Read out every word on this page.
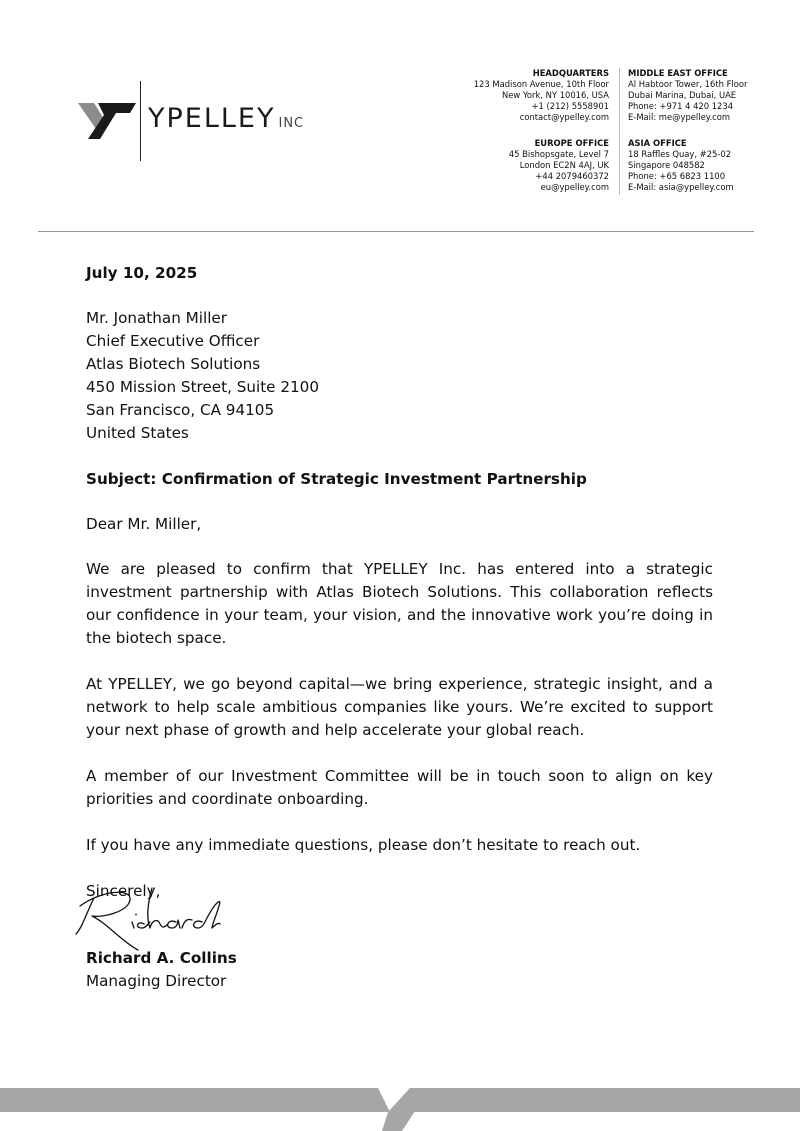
YPELLEY INC
HEADQUARTERS
123 Madison Avenue, 10th Floor
New York, NY 10016, USA
+1 (212) 5558901
contact@ypelley.com
EUROPE OFFICE
45 Bishopsgate, Level 7
London EC2N 4AJ, UK
+44 2079460372
eu@ypelley.com
MIDDLE EAST OFFICE
Al Habtoor Tower, 16th Floor
Dubai Marina, Dubai, UAE
Phone: +971 4 420 1234
E-Mail: me@ypelley.com
ASIA OFFICE
18 Raffles Quay, #25-02
Singapore 048582
Phone: +65 6823 1100
E-Mail: asia@ypelley.com

July 10, 2025

Mr. Jonathan Miller
Chief Executive Officer
Atlas Biotech Solutions
450 Mission Street, Suite 2100
San Francisco, CA 94105
United States

Subject: Confirmation of Strategic Investment Partnership

Dear Mr. Miller,

We are pleased to confirm that YPELLEY Inc. has entered into a strategic investment partnership with Atlas Biotech Solutions. This collaboration reflects our confidence in your team, your vision, and the innovative work you’re doing in the biotech space.

At YPELLEY, we go beyond capital—we bring experience, strategic insight, and a network to help scale ambitious companies like yours. We’re excited to support your next phase of growth and help accelerate your global reach.

A member of our Investment Committee will be in touch soon to align on key priorities and coordinate onboarding.

If you have any immediate questions, please don’t hesitate to reach out.

Sincerely,

Richard A. Collins
Managing Director
